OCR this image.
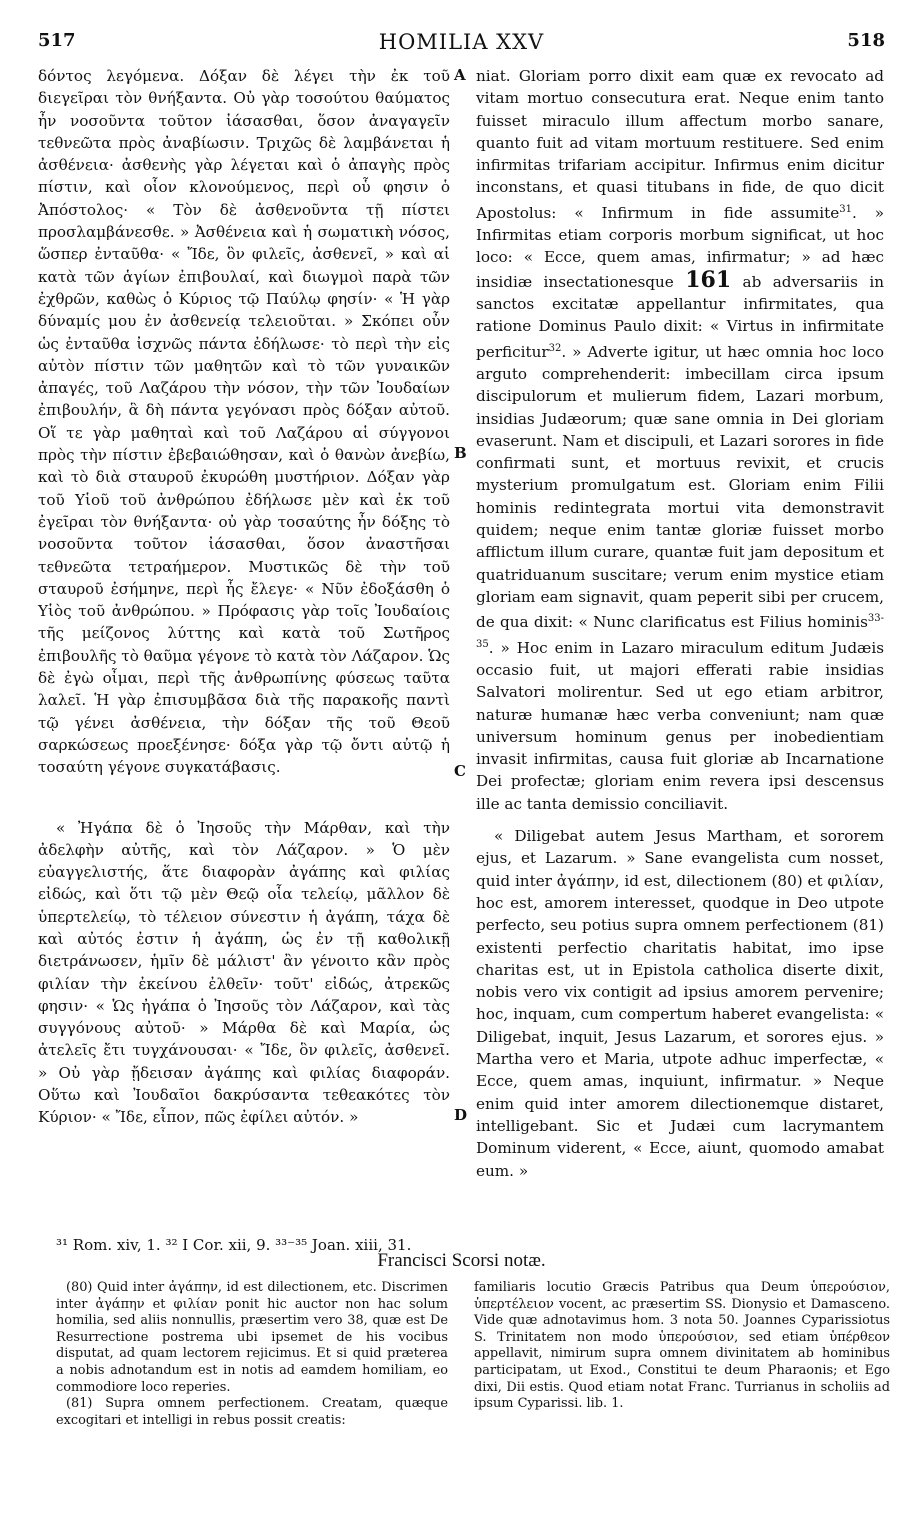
517	HOMILIA XXV	518

δόντος λεγόμενα. Δόξαν δὲ λέγει τὴν ἐκ τοῦ διεγεῖραι τὸν θνήξαντα. Οὐ γὰρ τοσούτου θαύματος ἦν νοσοῦντα τοῦτον ἰάσασθαι, ὅσον ἀναγαγεῖν τεθνεῶτα πρὸς ἀναβίωσιν. Τριχῶς δὲ λαμβάνεται ἡ ἀσθένεια· ἀσθενὴς γὰρ λέγεται καὶ ὁ ἀπαγὴς πρὸς πίστιν, καὶ οἷον κλονούμενος, περὶ οὗ φησιν ὁ Ἀπόστολος· « Τὸν δὲ ἀσθενοῦντα τῇ πίστει προσλαμβάνεσθε. » Ἀσθένεια καὶ ἡ σωματικὴ νόσος, ὥσπερ ἐνταῦθα· « Ἴδε, ὃν φιλεῖς, ἀσθενεῖ, » καὶ αἱ κατὰ τῶν ἁγίων ἐπιβουλαί, καὶ διωγμοὶ παρὰ τῶν ἐχθρῶν, καθὼς ὁ Κύριος τῷ Παύλῳ φησίν· « Ἡ γὰρ δύναμίς μου ἐν ἀσθενείᾳ τελειοῦται. » Σκόπει οὖν ὡς ἐνταῦθα ἰσχνῶς πάντα ἐδήλωσε· τὸ περὶ τὴν εἰς αὐτὸν πίστιν τῶν μαθητῶν καὶ τὸ τῶν γυναικῶν ἀπαγές, τοῦ Λαζάρου τὴν νόσον, τὴν τῶν Ἰουδαίων ἐπιβουλήν, ἃ δὴ πάντα γεγόνασι πρὸς δόξαν αὐτοῦ. Οἵ τε γὰρ μαθηταὶ καὶ τοῦ Λαζάρου αἱ σύγγονοι πρὸς τὴν πίστιν ἐβεβαιώθησαν, καὶ ὁ θανὼν ἀνεβίω, καὶ τὸ διὰ σταυροῦ ἐκυρώθη μυστήριον. Δόξαν γὰρ τοῦ Υἱοῦ τοῦ ἀνθρώπου ἐδήλωσε μὲν καὶ ἐκ τοῦ ἐγεῖραι τὸν θνήξαντα· οὐ γὰρ τοσαύτης ἦν δόξης τὸ νοσοῦντα τοῦτον ἰάσασθαι, ὅσον ἀναστῆσαι τεθνεῶτα τετραήμερον. Μυστικῶς δὲ τὴν τοῦ σταυροῦ ἐσήμηνε, περὶ ἧς ἔλεγε· « Νῦν ἐδοξάσθη ὁ Υἱὸς τοῦ ἀνθρώπου. » Πρόφασις γὰρ τοῖς Ἰουδαίοις τῆς μείζονος λύττης καὶ κατὰ τοῦ Σωτῆρος ἐπιβουλῆς τὸ θαῦμα γέγονε τὸ κατὰ τὸν Λάζαρον. Ὡς δὲ ἐγὼ οἶμαι, περὶ τῆς ἀνθρωπίνης φύσεως ταῦτα λαλεῖ. Ἡ γὰρ ἐπισυμβᾶσα διὰ τῆς παρακοῆς παντὶ τῷ γένει ἀσθένεια, τὴν δόξαν τῆς τοῦ Θεοῦ σαρκώσεως προεξένησε· δόξα γὰρ τῷ ὄντι αὐτῷ ἡ τοσαύτη γέγονε συγκατάβασις.

« Ἠγάπα δὲ ὁ Ἰησοῦς τὴν Μάρθαν, καὶ τὴν ἀδελφὴν αὐτῆς, καὶ τὸν Λάζαρον. » Ὁ μὲν εὐαγγελιστής, ἅτε διαφορὰν ἀγάπης καὶ φιλίας εἰδώς, καὶ ὅτι τῷ μὲν Θεῷ οἷα τελείῳ, μᾶλλον δὲ ὑπερτελείῳ, τὸ τέλειον σύνεστιν ἡ ἀγάπη, τάχα δὲ καὶ αὐτός ἐστιν ἡ ἀγάπη, ὡς ἐν τῇ καθολικῇ διετράνωσεν, ἡμῖν δὲ μάλιστ' ἂν γένοιτο κἂν πρὸς φιλίαν τὴν ἐκείνου ἐλθεῖν· τοῦτ' εἰδώς, ἀτρεκῶς φησιν· « Ὡς ἠγάπα ὁ Ἰησοῦς τὸν Λάζαρον, καὶ τὰς συγγόνους αὐτοῦ· » Μάρθα δὲ καὶ Μαρία, ὡς ἀτελεῖς ἔτι τυγχάνουσαι· « Ἴδε, ὃν φιλεῖς, ἀσθενεῖ. » Οὐ γὰρ ᾔδεισαν ἀγάπης καὶ φιλίας διαφοράν. Οὕτω καὶ Ἰουδαῖοι δακρύσαντα τεθεακότες τὸν Κύριον· « Ἴδε, εἶπον, πῶς ἐφίλει αὐτόν. »

A
B
C
D

niat. Gloriam porro dixit eam quæ ex revocato ad vitam mortuo consecutura erat. Neque enim tanto fuisset miraculo illum affectum morbo sanare, quanto fuit ad vitam mortuum restituere. Sed enim infirmitas trifariam accipitur. Infirmus enim dicitur inconstans, et quasi titubans in fide, de quo dicit Apostolus: « Infirmum in fide assumite$^{31}$. » Infirmitas etiam corporis morbum significat, ut hoc loco: « Ecce, quem amas, infirmatur; » ad hæc insidiæ insectationesque 161 ab adversariis in sanctos excitatæ appellantur infirmitates, qua ratione Dominus Paulo dixit: « Virtus in infirmitate perficitur$^{32}$. » Adverte igitur, ut hæc omnia hoc loco arguto comprehenderit: imbecillam circa ipsum discipulorum et mulierum fidem, Lazari morbum, insidias Judæorum; quæ sane omnia in Dei gloriam evaserunt. Nam et discipuli, et Lazari sorores in fide confirmati sunt, et mortuus revixit, et crucis mysterium promulgatum est. Gloriam enim Filii hominis redintegrata mortui vita demonstravit quidem; neque enim tantæ gloriæ fuisset morbo afflictum illum curare, quantæ fuit jam depositum et quatriduanum suscitare; verum enim mystice etiam gloriam eam signavit, quam peperit sibi per crucem, de qua dixit: « Nunc clarificatus est Filius hominis$^{33-35}$. » Hoc enim in Lazaro miraculum editum Judæis occasio fuit, ut majori efferati rabie insidias Salvatori molirentur. Sed ut ego etiam arbitror, naturæ humanæ hæc verba conveniunt; nam quæ universum hominum genus per inobedientiam invasit infirmitas, causa fuit gloriæ ab Incarnatione Dei profectæ; gloriam enim revera ipsi descensus ille ac tanta demissio conciliavit.

« Diligebat autem Jesus Martham, et sororem ejus, et Lazarum. » Sane evangelista cum nosset, quid inter ἀγάπην, id est, dilectionem (80) et φιλίαν, hoc est, amorem interesset, quodque in Deo utpote perfecto, seu potius supra omnem perfectionem (81) existenti perfectio charitatis habitat, imo ipse charitas est, ut in Epistola catholica diserte dixit, nobis vero vix contigit ad ipsius amorem pervenire; hoc, inquam, cum compertum haberet evangelista: « Diligebat, inquit, Jesus Lazarum, et sorores ejus. » Martha vero et Maria, utpote adhuc imperfectæ, « Ecce, quem amas, inquiunt, infirmatur. » Neque enim quid inter amorem dilectionemque distaret, intelligebant. Sic et Judæi cum lacrymantem Dominum viderent, « Ecce, aiunt, quomodo amabat eum. »

³¹ Rom. xiv, 1. ³² I Cor. xii, 9. ³³⁻³⁵ Joan. xiii, 31.
Francisci Scorsi notæ.

(80) Quid inter ἀγάπην, id est dilectionem, etc. Discrimen inter ἀγάπην et φιλίαν ponit hic auctor non hac solum homilia, sed aliis nonnullis, præsertim vero 38, quæ est De Resurrectione postrema ubi ipsemet de his vocibus disputat, ad quam lectorem rejicimus. Et si quid præterea a nobis adnotandum est in notis ad eamdem homiliam, eo commodiore loco reperies.

(81) Supra omnem perfectionem. Creatam, quæque excogitari et intelligi in rebus possit creatis:

familiaris locutio Græcis Patribus qua Deum ὑπερούσιον, ὑπερτέλειον vocent, ac præsertim SS. Dionysio et Damasceno. Vide quæ adnotavimus hom. 3 nota 50. Joannes Cyparissiotus S. Trinitatem non modo ὑπερούσιον, sed etiam ὑπέρθεον appellavit, nimirum supra omnem divinitatem ab hominibus participatam, ut Exod., Constitui te deum Pharaonis; et Ego dixi, Dii estis. Quod etiam notat Franc. Turrianus in scholiis ad ipsum Cyparissi. lib. 1.
